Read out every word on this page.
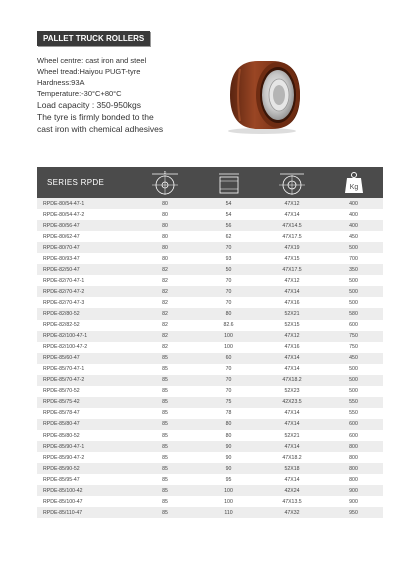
PALLET TRUCK ROLLERS
Wheel centre: cast iron and steel
Wheel tread:Haiyou PUGT-tyre
Hardness:93A
Temperature:-30°C+80°C
Load capacity : 350-950kgs
The tyre is firmly bonded to the
cast iron with chemical adhesives
SERIES RPDE
D
Kg
RPDE-80/54-47-1	80	54	47X12	400
RPDE-80/54-47-2	80	54	47X14	400
RPDE-80/56-47	80	56	47X14.5	400
RPDE-80/62-47	80	62	47X17.5	450
RPDE-80/70-47	80	70	47X19	500
RPDE-80/93-47	80	93	47X15	700
RPDE-82/50-47	82	50	47X17.5	350
RPDE-82/70-47-1	82	70	47X12	500
RPDE-82/70-47-2	82	70	47X14	500
RPDE-82/70-47-3	82	70	47X16	500
RPDE-82/80-52	82	80	52X21	580
RPDE-82/82-52	82	82.6	52X15	600
RPDE-82/100-47-1	82	100	47X12	750
RPDE-82/100-47-2	82	100	47X16	750
RPDE-85/60-47	85	60	47X14	450
RPDE-85/70-47-1	85	70	47X14	500
RPDE-85/70-47-2	85	70	47X18.2	500
RPDE-85/70-52	85	70	52X23	500
RPDE-85/75-42	85	75	42X23.5	550
RPDE-85/78-47	85	78	47X14	550
RPDE-85/80-47	85	80	47X14	600
RPDE-85/80-52	85	80	52X21	600
RPDE-85/90-47-1	85	90	47X14	800
RPDE-85/90-47-2	85	90	47X18.2	800
RPDE-85/90-52	85	90	52X18	800
RPDE-85/95-47	85	95	47X14	800
RPDE-85/100-42	85	100	42X24	900
RPDE-85/100-47	85	100	47X13.5	900
RPDE-85/110-47	85	110	47X32	950
